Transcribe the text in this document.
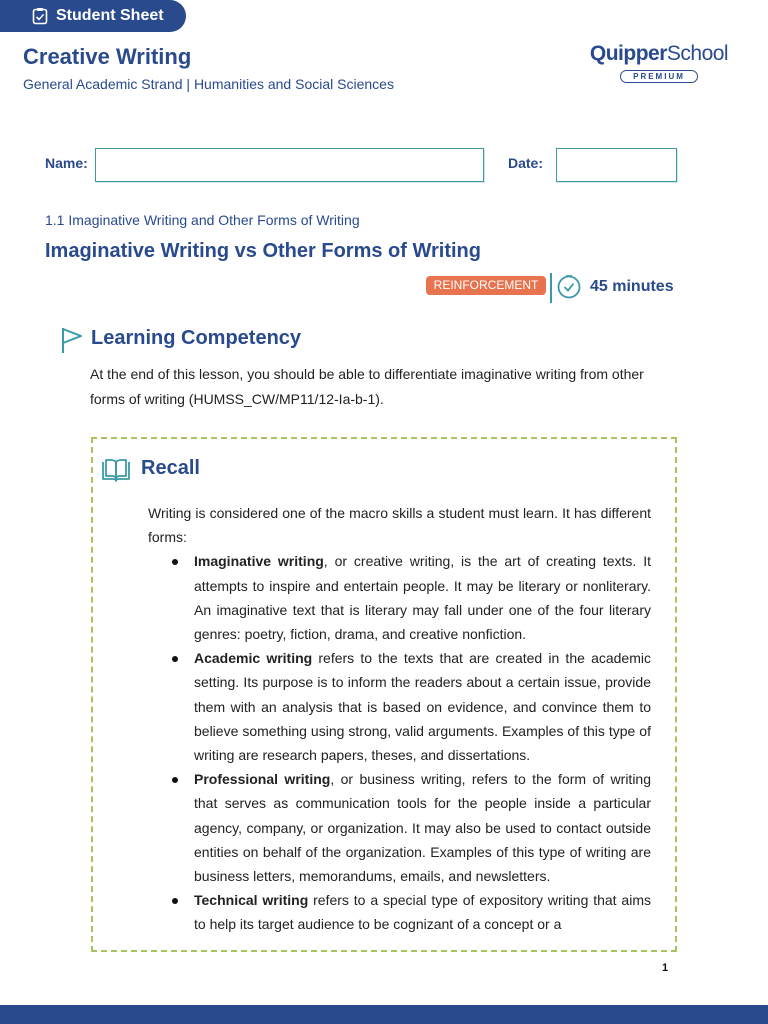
Student Sheet
Creative Writing
General Academic Strand | Humanities and Social Sciences
QuipperSchool
PREMIUM
Name:	Date:
1.1 Imaginative Writing and Other Forms of Writing
Imaginative Writing vs Other Forms of Writing
REINFORCEMENT	45 minutes
Learning Competency
At the end of this lesson, you should be able to differentiate imaginative writing from other forms of writing (HUMSS_CW/MP11/12-Ia-b-1).
Recall

Writing is considered one of the macro skills a student must learn. It has different forms:

Imaginative writing, or creative writing, is the art of creating texts. It attempts to inspire and entertain people. It may be literary or nonliterary. An imaginative text that is literary may fall under one of the four literary genres: poetry, fiction, drama, and creative nonfiction.
Academic writing refers to the texts that are created in the academic setting. Its purpose is to inform the readers about a certain issue, provide them with an analysis that is based on evidence, and convince them to believe something using strong, valid arguments. Examples of this type of writing are research papers, theses, and dissertations.
Professional writing, or business writing, refers to the form of writing that serves as communication tools for the people inside a particular agency, company, or organization. It may also be used to contact outside entities on behalf of the organization. Examples of this type of writing are business letters, memorandums, emails, and newsletters.
Technical writing refers to a special type of expository writing that aims to help its target audience to be cognizant of a concept or a
1
